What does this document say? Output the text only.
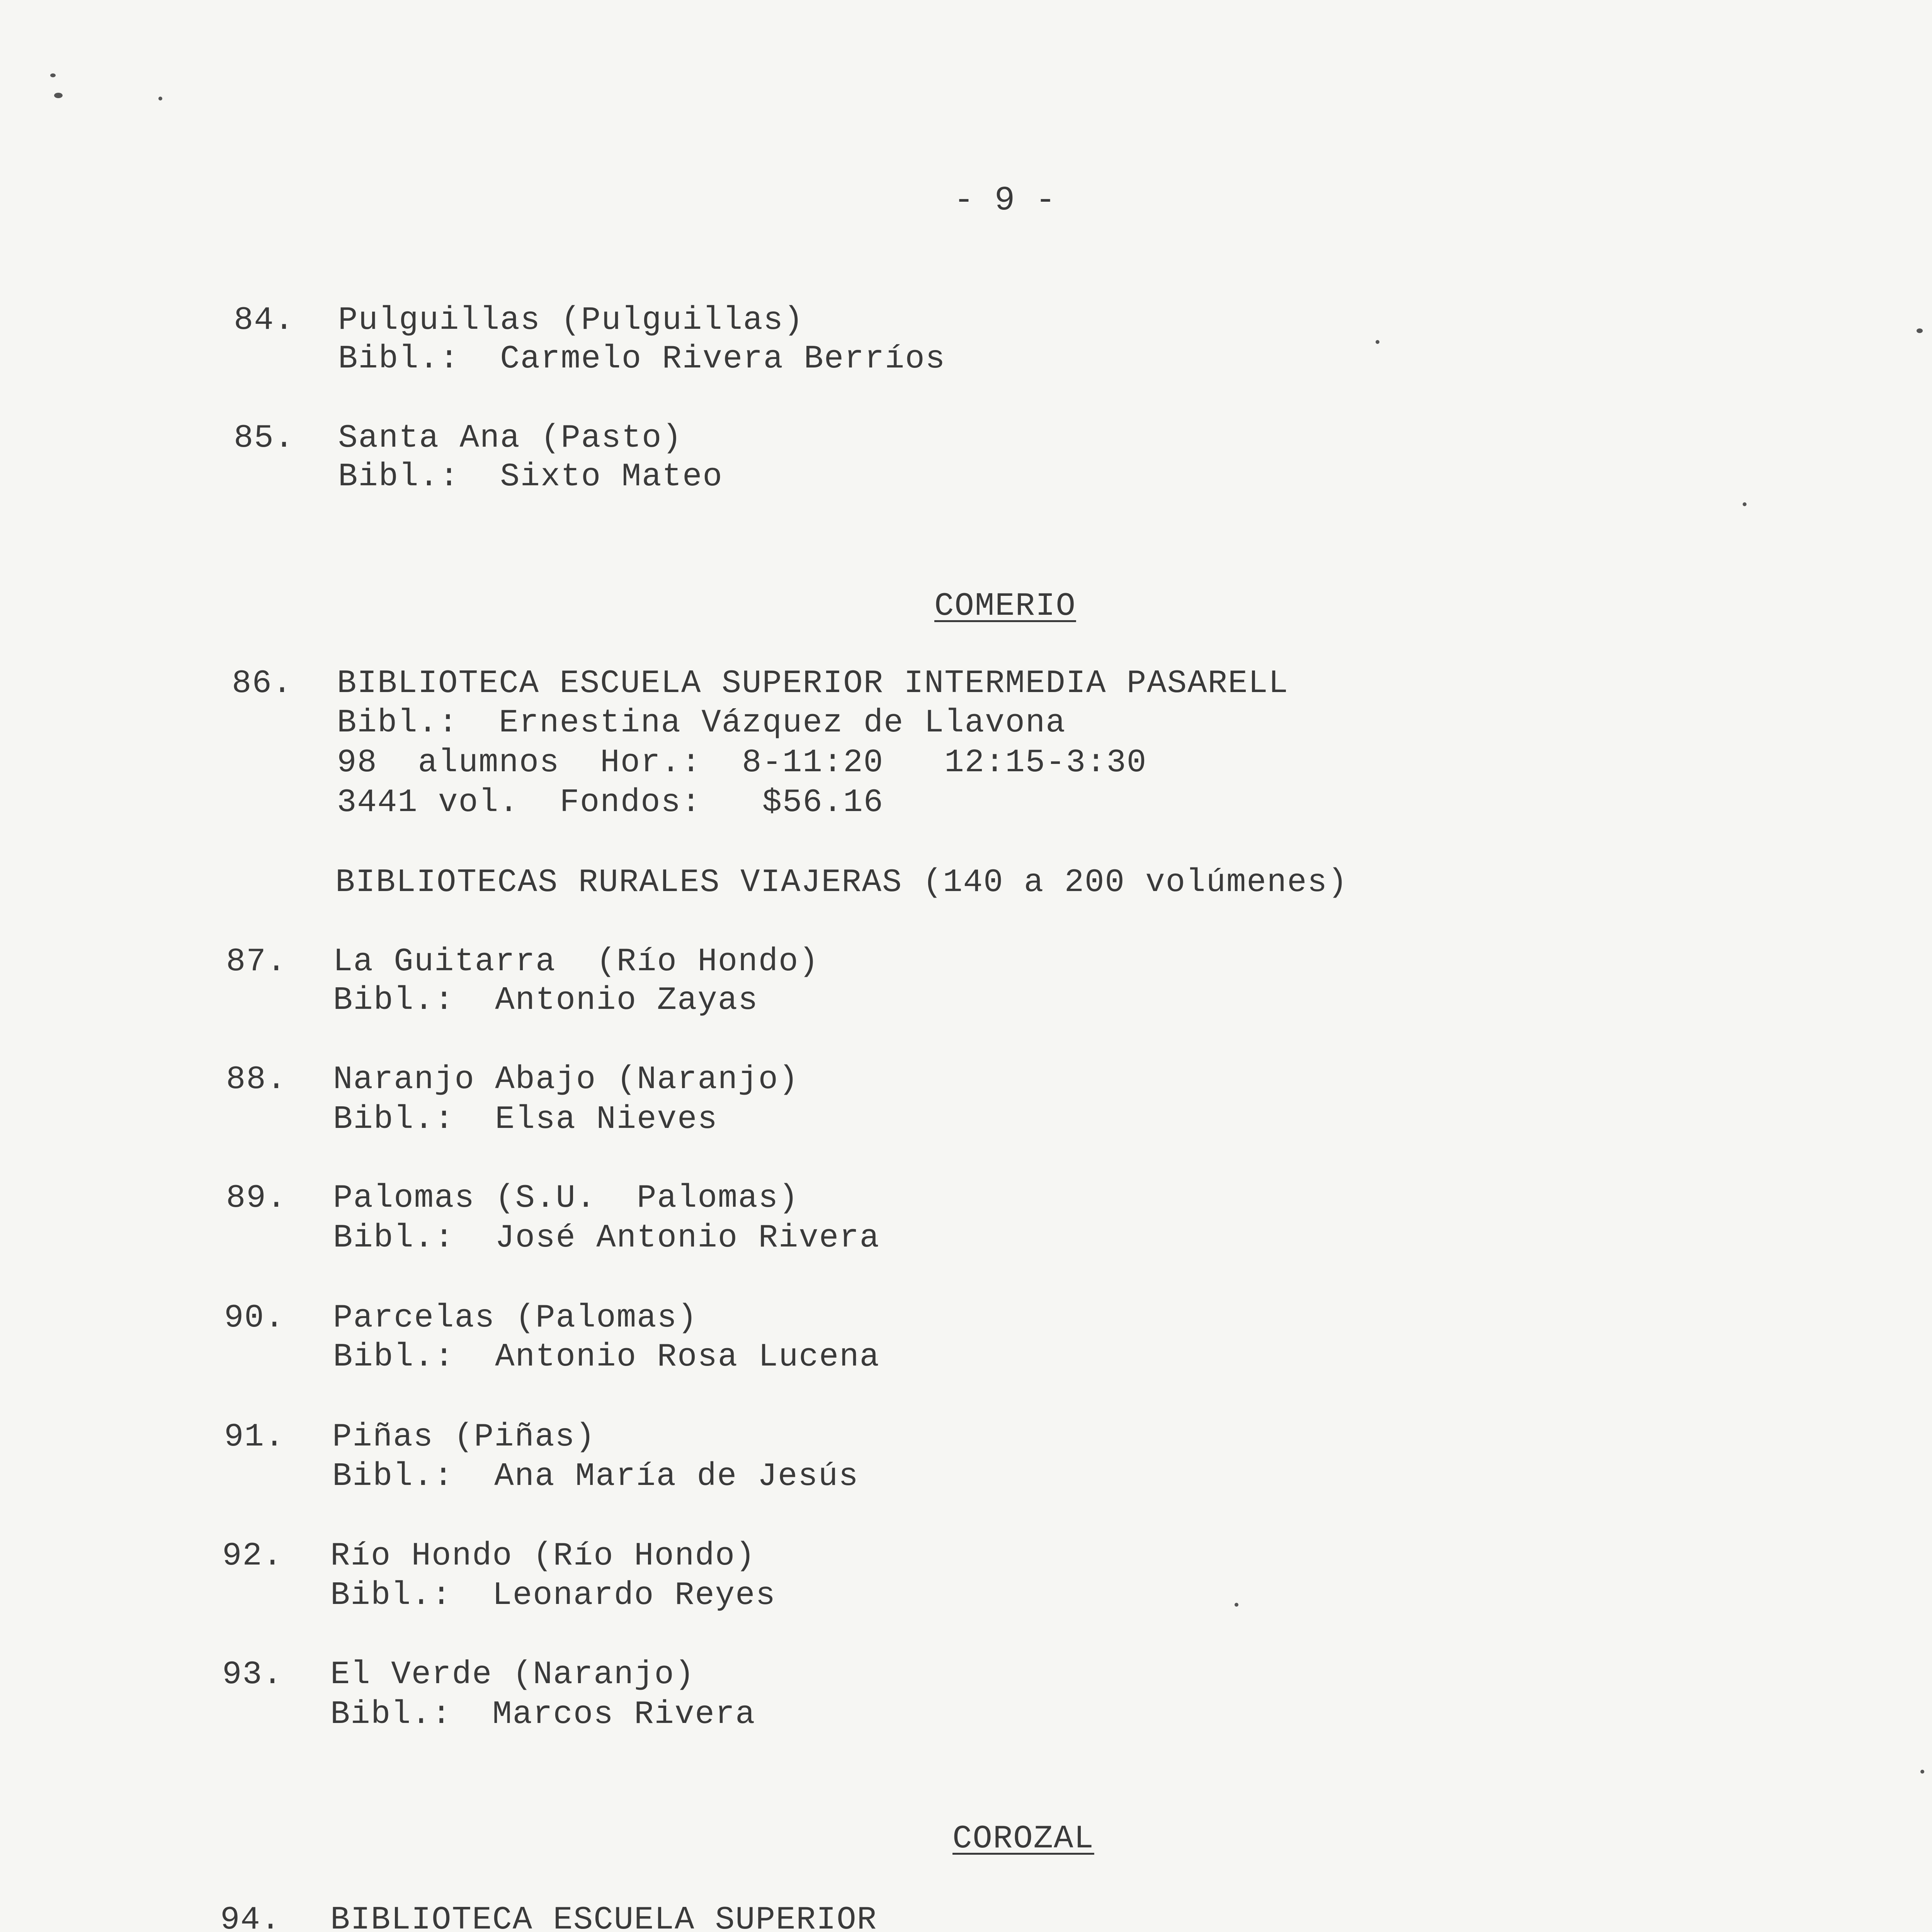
- 9 -
84. Pulguillas (Pulguillas)
Bibl.:  Carmelo Rivera Berríos
85. Santa Ana (Pasto)
Bibl.:  Sixto Mateo
COMERIO
86. BIBLIOTECA ESCUELA SUPERIOR INTERMEDIA PASARELL
Bibl.:  Ernestina Vázquez de Llavona
98  alumnos  Hor.:  8-11:20   12:15-3:30
3441 vol.  Fondos:   $56.16
BIBLIOTECAS RURALES VIAJERAS (140 a 200 volúmenes)
87. La Guitarra  (Río Hondo)
Bibl.:  Antonio Zayas
88. Naranjo Abajo (Naranjo)
Bibl.:  Elsa Nieves
89. Palomas (S.U.  Palomas)
Bibl.:  José Antonio Rivera
90. Parcelas (Palomas)
Bibl.:  Antonio Rosa Lucena
91. Piñas (Piñas)
Bibl.:  Ana María de Jesús
92. Río Hondo (Río Hondo)
Bibl.:  Leonardo Reyes
93. El Verde (Naranjo)
Bibl.:  Marcos Rivera
COROZAL
94. BIBLIOTECA ESCUELA SUPERIOR
